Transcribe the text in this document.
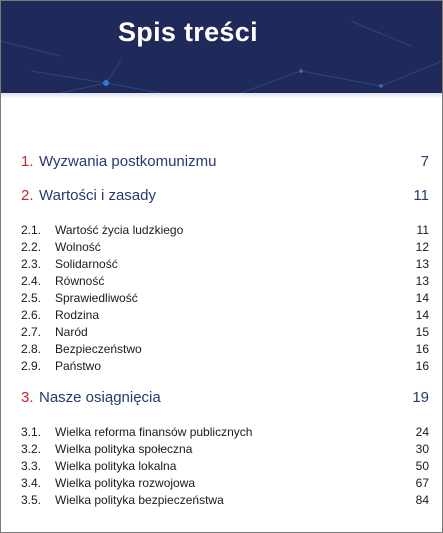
Spis treści
1. Wyzwania postkomunizmu	7
2. Wartości i zasady	11
2.1. Wartość życia ludzkiego	11
2.2. Wolność	12
2.3. Solidarność	13
2.4. Równość	13
2.5. Sprawiedliwość	14
2.6. Rodzina	14
2.7. Naród	15
2.8. Bezpieczeństwo	16
2.9. Państwo	16
3. Nasze osiągnięcia	19
3.1. Wielka reforma finansów publicznych	24
3.2. Wielka polityka społeczna	30
3.3. Wielka polityka lokalna	50
3.4. Wielka polityka rozwojowa	67
3.5. Wielka polityka bezpieczeństwa	84
